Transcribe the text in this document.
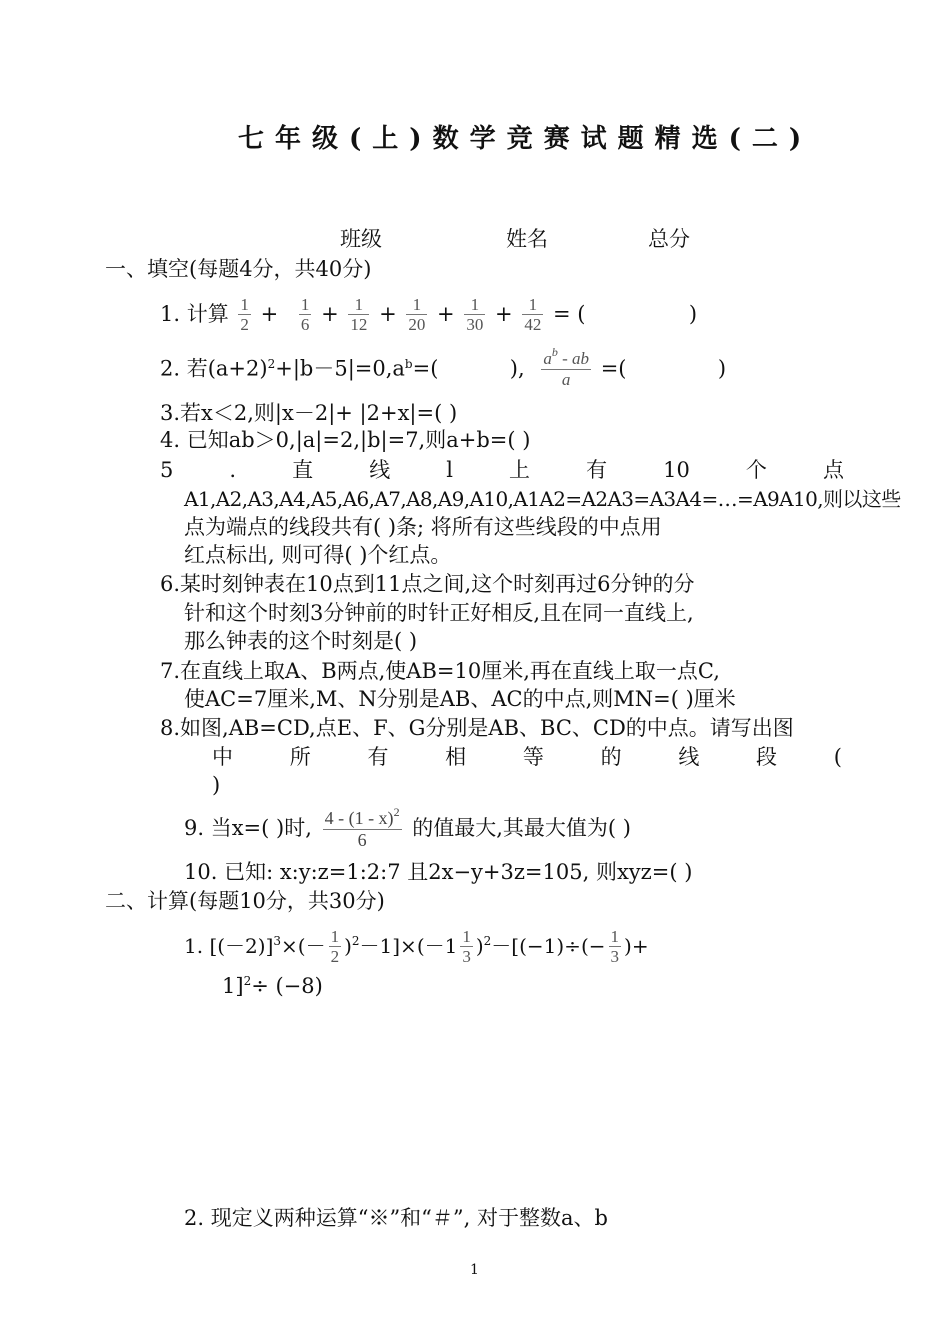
七年级(上)数学竞赛试题精选(二)
班级	姓名	总分
一、填空(每题4分，共40分)
1. 计算 $\frac{1}{2} + \frac{1}{6} + \frac{1}{12} + \frac{1}{20} + \frac{1}{30} + \frac{1}{42}$ = (	)
2. 若$(a+2)^2+|b-5|=0,a^b=$(	), $\frac{a^b - ab}{a}$ =(	)
3.若x＜2,则|x－2|+ |2+x|=( )
4. 已知ab＞0,|a|=2,|b|=7,则a+b=( )
5	.	直	线	l	上	有	10	个	点
A1,A2,A3,A4,A5,A6,A7,A8,A9,A10,A1A2=A2A3=A3A4=…=A9A10,则以这些
点为端点的线段共有( )条; 将所有这些线段的中点用
红点标出, 则可得( )个红点。
6.某时刻钟表在10点到11点之间,这个时刻再过6分钟的分
针和这个时刻3分钟前的时针正好相反,且在同一直线上,
那么钟表的这个时刻是( )
7.在直线上取A、B两点,使AB=10厘米,再在直线上取一点C,
使AC=7厘米,M、N分别是AB、AC的中点,则MN=( )厘米
8.如图,AB=CD,点E、F、G分别是AB、BC、CD的中点。请写出图
中	所	有	相	等	的	线	段	(
)
9. 当x=( )时, $\frac{4 - (1 - x)^2}{6}$ 的值最大,其最大值为( )
10. 已知: x:y:z=1:2:7 且2x−y+3z=105, 则xyz=( )
二、计算(每题10分，共30分)
1. $[(-2)]^3\times(- \frac{1}{2} )^2-1]\times(-1 \frac{1}{3} )^2-[(-1)\div(- \frac{1}{3}$ )+
1]$^2$÷ (−8)
2. 现定义两种运算“※”和“＃”, 对于整数a、b
1
